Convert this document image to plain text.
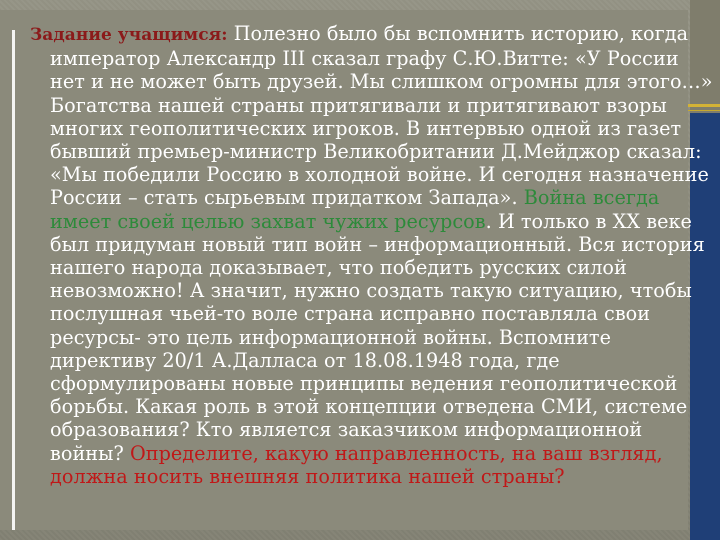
Задание учащимся: Полезно было бы вспомнить историю, когда император Александр III сказал графу С.Ю.Витте: «У России нет и не может быть друзей. Мы слишком огромны для этого…» Богатства нашей страны притягивали и притягивают взоры многих геополитических игроков. В интервью одной из газет бывший премьер-министр Великобритании Д.Мейджор сказал: «Мы победили Россию в холодной войне. И сегодня назначение России – стать сырьевым придатком Запада». Война всегда имеет своей целью захват чужих ресурсов. И только в XX веке был придуман новый тип войн – информационный. Вся история нашего народа доказывает, что победить русских силой невозможно! А значит, нужно создать такую ситуацию, чтобы послушная чьей-то воле страна исправно поставляла свои ресурсы- это цель информационной войны. Вспомните директиву 20/1 А.Далласа от 18.08.1948 года, где сформулированы новые принципы ведения геополитической борьбы. Какая роль в этой концепции отведена СМИ, системе образования? Кто является заказчиком информационной войны? Определите, какую направленность, на ваш взгляд, должна носить внешняя политика нашей страны?
